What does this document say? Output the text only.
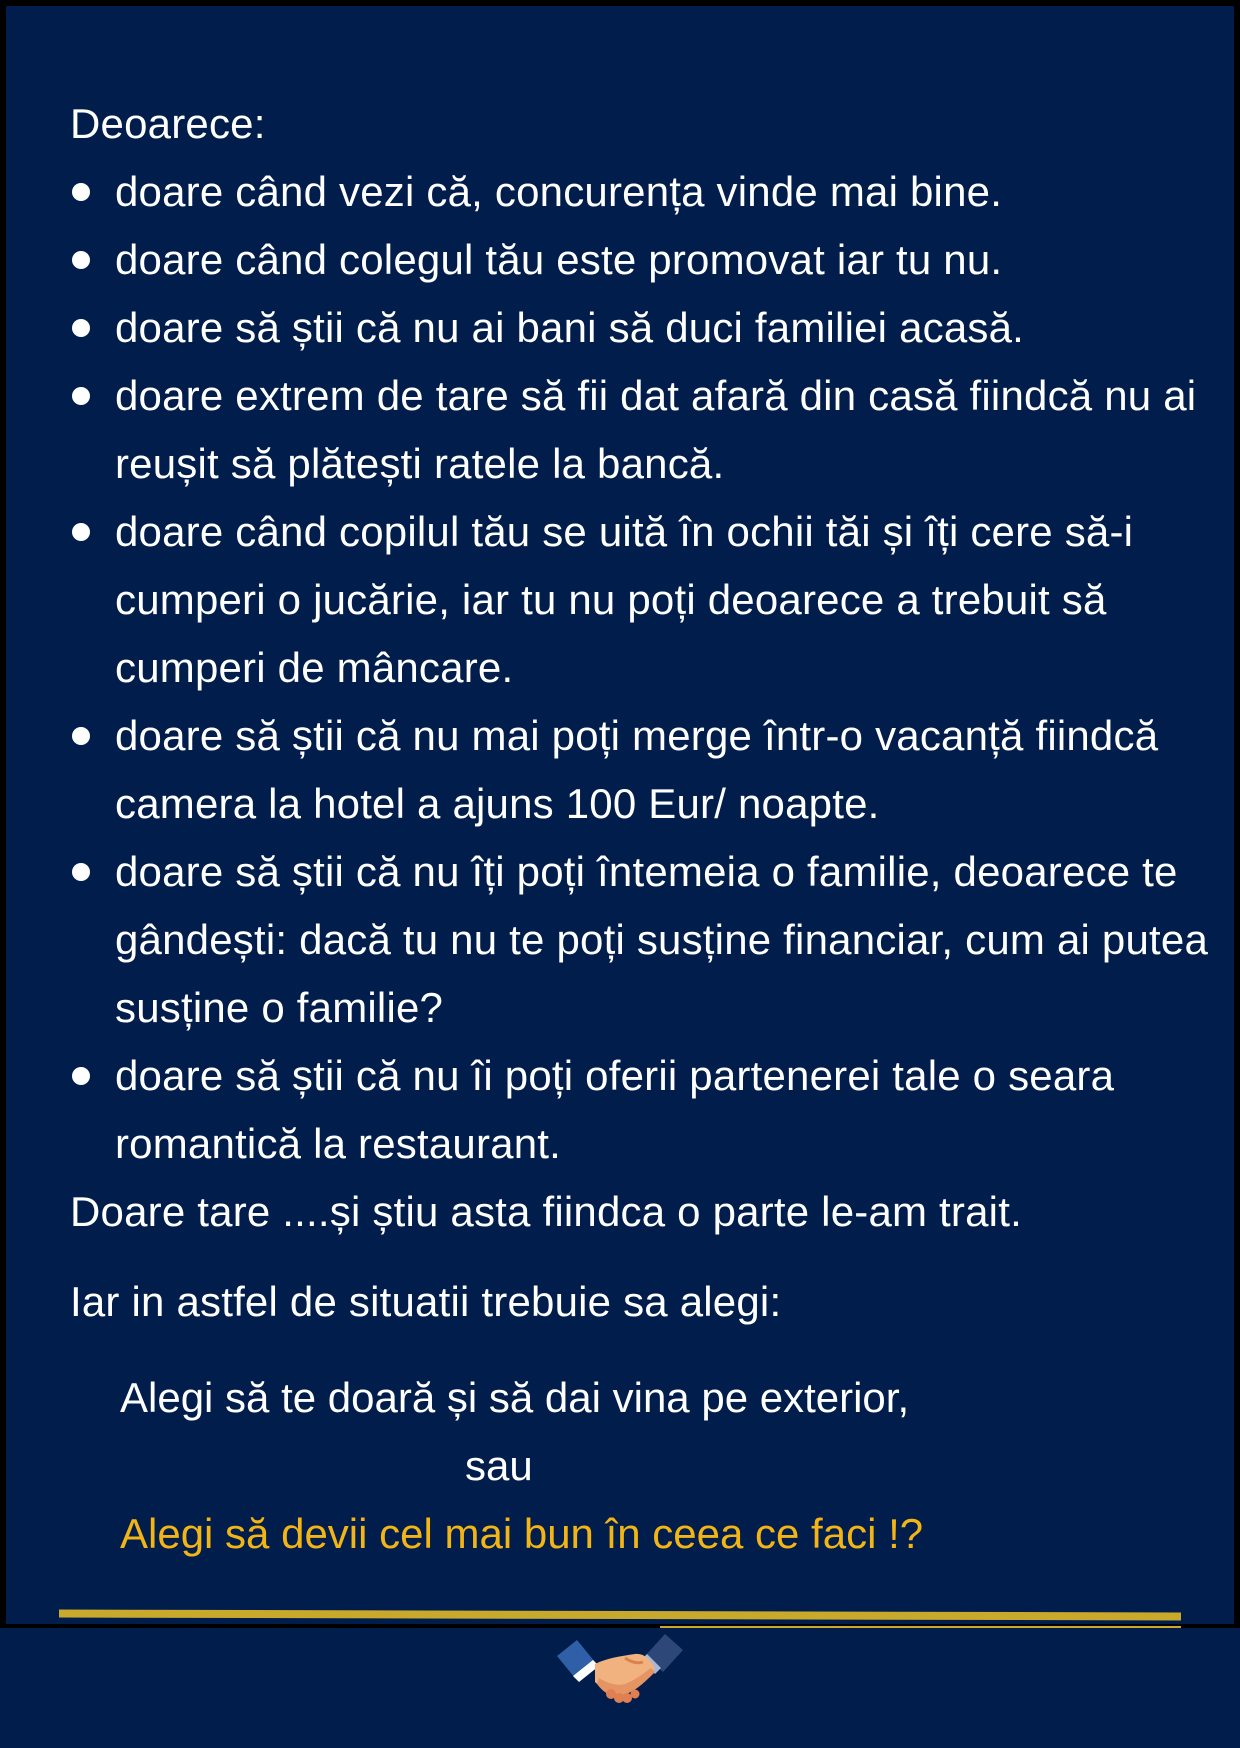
Deoarece:

doare când vezi că, concurența vinde mai bine.
doare când colegul tău este promovat iar tu nu.
doare să știi că nu ai bani să duci familiei acasă.
doare extrem de tare să fii dat afară din casă fiindcă nu ai reușit să plătești ratele la bancă.
doare când copilul tău se uită în ochii tăi și îți cere să-i cumperi o jucărie, iar tu nu poți deoarece a trebuit să cumperi de mâncare.
doare să știi că nu mai poți merge într-o vacanță fiindcă camera la hotel a ajuns 100 Eur/ noapte.
doare să știi că nu îți poți întemeia o familie, deoarece te gândești: dacă tu nu te poți susține financiar, cum ai putea susține o familie?
doare să știi că nu îi poți oferii partenerei tale o seara romantică la restaurant.

Doare tare ....și știu asta fiindca o parte le-am trait.

Iar in astfel de situatii trebuie sa alegi:

Alegi să te doară și să dai vina pe exterior,
sau
Alegi să devii cel mai bun în ceea ce faci !?
